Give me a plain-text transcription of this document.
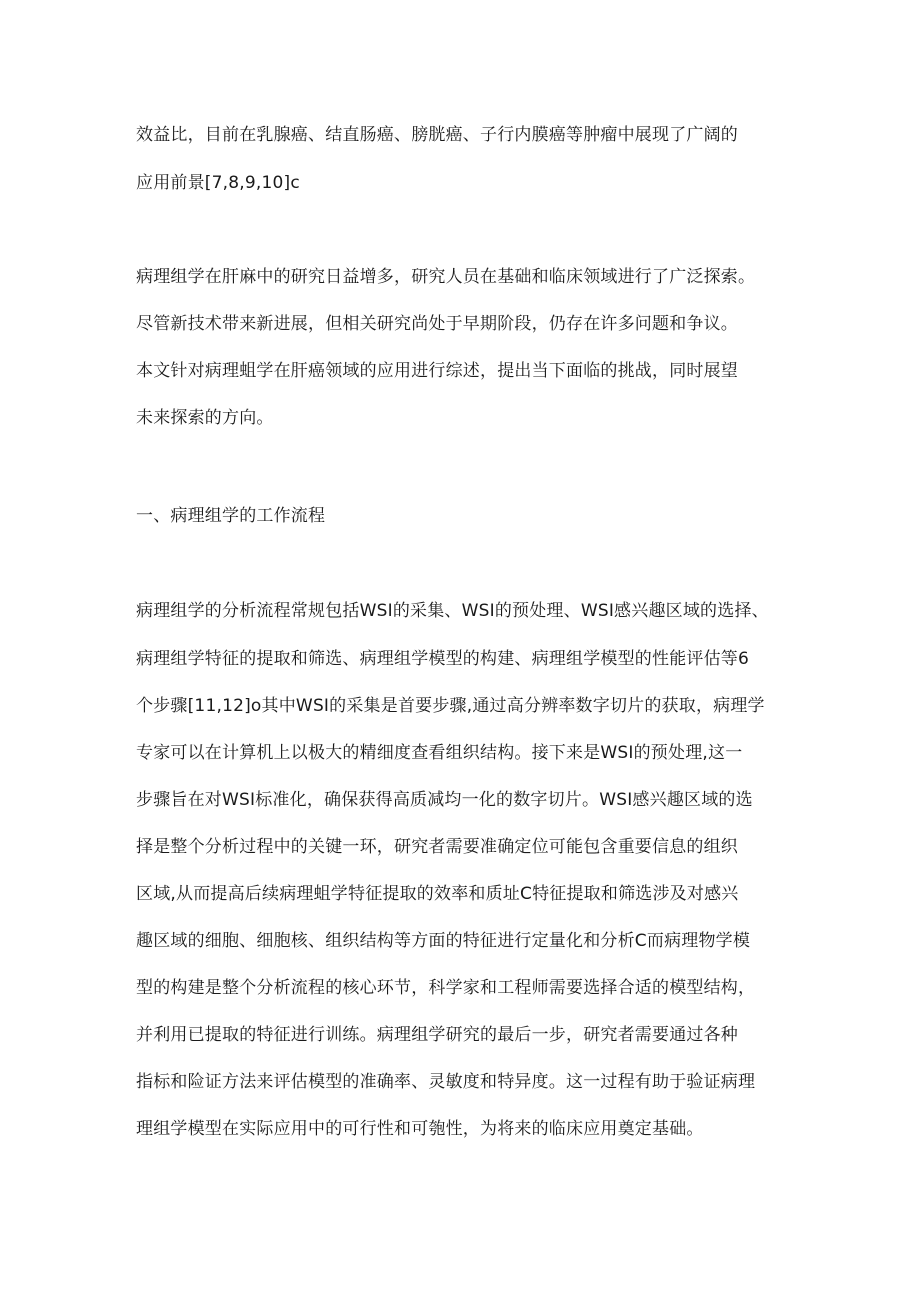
效益比，目前在乳腺癌、结直肠癌、膀胱癌、子行内膜癌等肿瘤中展现了广阔的

应用前景[7,8,9,10]c

病理组学在肝麻中的研究日益增多，研究人员在基础和临床领域进行了广泛探索。

尽管新技术带来新进展，但相关研究尚处于早期阶段，仍存在许多问题和争议。

本文针对病理蛆学在肝癌领域的应用进行综述，提出当下面临的挑战，同时展望

未来探索的方向。

一、病理组学的工作流程

病理组学的分析流程常规包括WSI的采集、WSI的预处理、WSI感兴趣区域的选择、

病理组学特征的提取和筛选、病理组学模型的构建、病理组学模型的性能评估等6

个步骤[11,12]o其中WSI的采集是首要步骤,通过高分辨率数字切片的获取，病理学

专家可以在计算机上以极大的精细度查看组织结构。接下来是WSI的预处理,这一

步骤旨在对WSI标准化，确保获得高质减均一化的数字切片。WSI感兴趣区域的选

择是整个分析过程中的关键一环，研究者需要准确定位可能包含重要信息的组织

区域,从而提高后续病理蛆学特征提取的效率和质址C特征提取和筛选涉及对感兴

趣区域的细胞、细胞核、组织结构等方面的特征进行定量化和分析C而病理物学模

型的构建是整个分析流程的核心环节，科学家和工程师需要选择合适的模型结构，

并利用已提取的特征进行训练。病理组学研究的最后一步，研究者需要通过各种

指标和险证方法来评估模型的准确率、灵敏度和特异度。这一过程有助于验证病理

理组学模型在实际应用中的可行性和可匏性，为将来的临床应用奠定基础。
